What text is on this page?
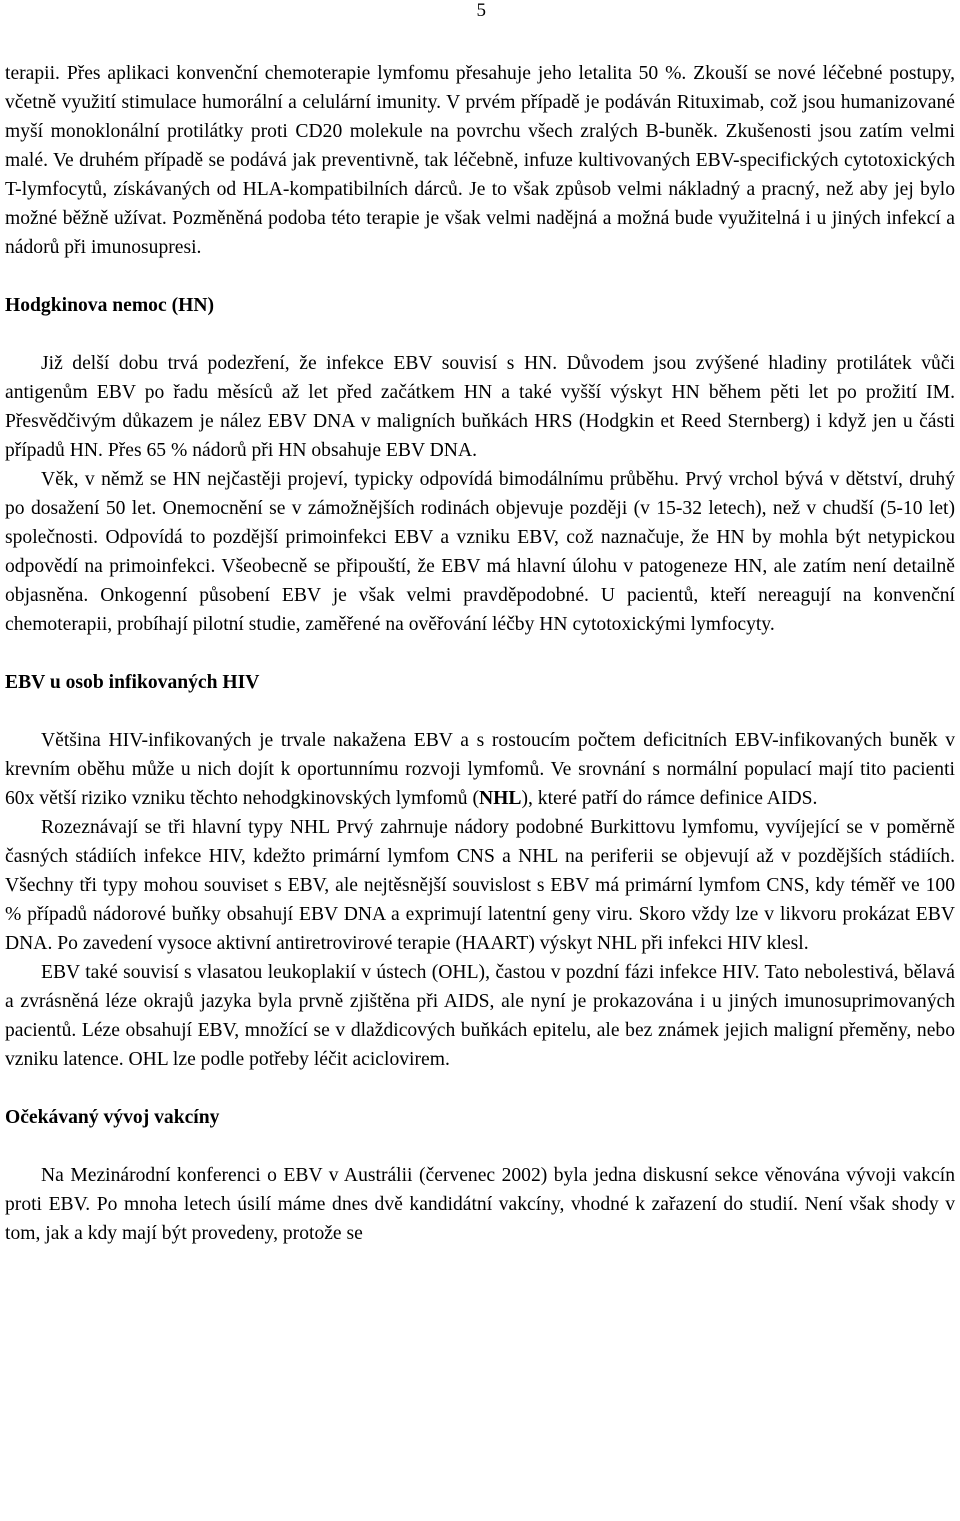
5

terapii. Přes aplikaci konvenční chemoterapie lymfomu přesahuje jeho letalita 50 %. Zkouší se nové léčebné postupy, včetně využití stimulace humorální a celulární imunity. V prvém případě je podáván Rituximab, což jsou humanizované myší monoklonální protilátky proti CD20 molekule na povrchu všech zralých B-buněk. Zkušenosti jsou zatím velmi malé. Ve druhém případě se podává jak preventivně, tak léčebně, infuze kultivovaných EBV-specifických cytotoxických T-lymfocytů, získávaných od HLA-kompatibilních dárců. Je to však způsob velmi nákladný a pracný, než aby jej bylo možné běžně užívat. Pozměněná podoba této terapie je však velmi nadějná a možná bude využitelná i u jiných infekcí a nádorů při imunosupresi.

Hodgkinova nemoc (HN)

Již delší dobu trvá podezření, že infekce EBV souvisí s HN. Důvodem jsou zvýšené hladiny protilátek vůči antigenům EBV po řadu měsíců až let před začátkem HN a také vyšší výskyt HN během pěti let po prožití IM. Přesvědčivým důkazem je nález EBV DNA v maligních buňkách HRS (Hodgkin et Reed Sternberg) i když jen u části případů HN. Přes 65 % nádorů při HN obsahuje EBV DNA.

Věk, v němž se HN nejčastěji projeví, typicky odpovídá bimodálnímu průběhu. Prvý vrchol bývá v dětství, druhý po dosažení 50 let. Onemocnění se v zámožnějších rodinách objevuje později (v 15-32 letech), než v chudší (5-10 let) společnosti. Odpovídá to pozdější primoinfekci EBV a vzniku EBV, což naznačuje, že HN by mohla být netypickou odpovědí na primoinfekci. Všeobecně se připouští, že EBV má hlavní úlohu v patogeneze HN, ale zatím není detailně objasněna. Onkogenní působení EBV je však velmi pravděpodobné. U pacientů, kteří nereagují na konvenční chemoterapii, probíhají pilotní studie, zaměřené na ověřování léčby HN cytotoxickými lymfocyty.

EBV u osob infikovaných HIV

Většina HIV-infikovaných je trvale nakažena EBV a s rostoucím počtem deficitních EBV-infikovaných buněk v krevním oběhu může u nich dojít k oportunnímu rozvoji lymfomů. Ve srovnání s normální populací mají tito pacienti 60x větší riziko vzniku těchto nehodgkinovských lymfomů (NHL), které patří do rámce definice AIDS.

Rozeznávají se tři hlavní typy NHL Prvý zahrnuje nádory podobné Burkittovu lymfomu, vyvíjející se v poměrně časných stádiích infekce HIV, kdežto primární lymfom CNS a NHL na periferii se objevují až v pozdějších stádiích. Všechny tři typy mohou souviset s EBV, ale nejtěsnější souvislost s EBV má primární lymfom CNS, kdy téměř ve 100 % případů nádorové buňky obsahují EBV DNA a exprimují latentní geny viru. Skoro vždy lze v likvoru prokázat EBV DNA. Po zavedení vysoce aktivní antiretrovirové terapie (HAART) výskyt NHL při infekci HIV klesl.

EBV také souvisí s vlasatou leukoplakií v ústech (OHL), častou v pozdní fázi infekce HIV. Tato nebolestivá, bělavá a zvrásněná léze okrajů jazyka byla prvně zjištěna při AIDS, ale nyní je prokazována i u jiných imunosuprimovaných pacientů. Léze obsahují EBV, množící se v dlaždicových buňkách epitelu, ale bez známek jejich maligní přeměny, nebo vzniku latence. OHL lze podle potřeby léčit aciclovirem.

Očekávaný vývoj vakcíny

Na Mezinárodní konferenci o EBV v Austrálii (červenec 2002) byla jedna diskusní sekce věnována vývoji vakcín proti EBV. Po mnoha letech úsilí máme dnes dvě kandidátní vakcíny, vhodné k zařazení do studií. Není však shody v tom, jak a kdy mají být provedeny, protože se
